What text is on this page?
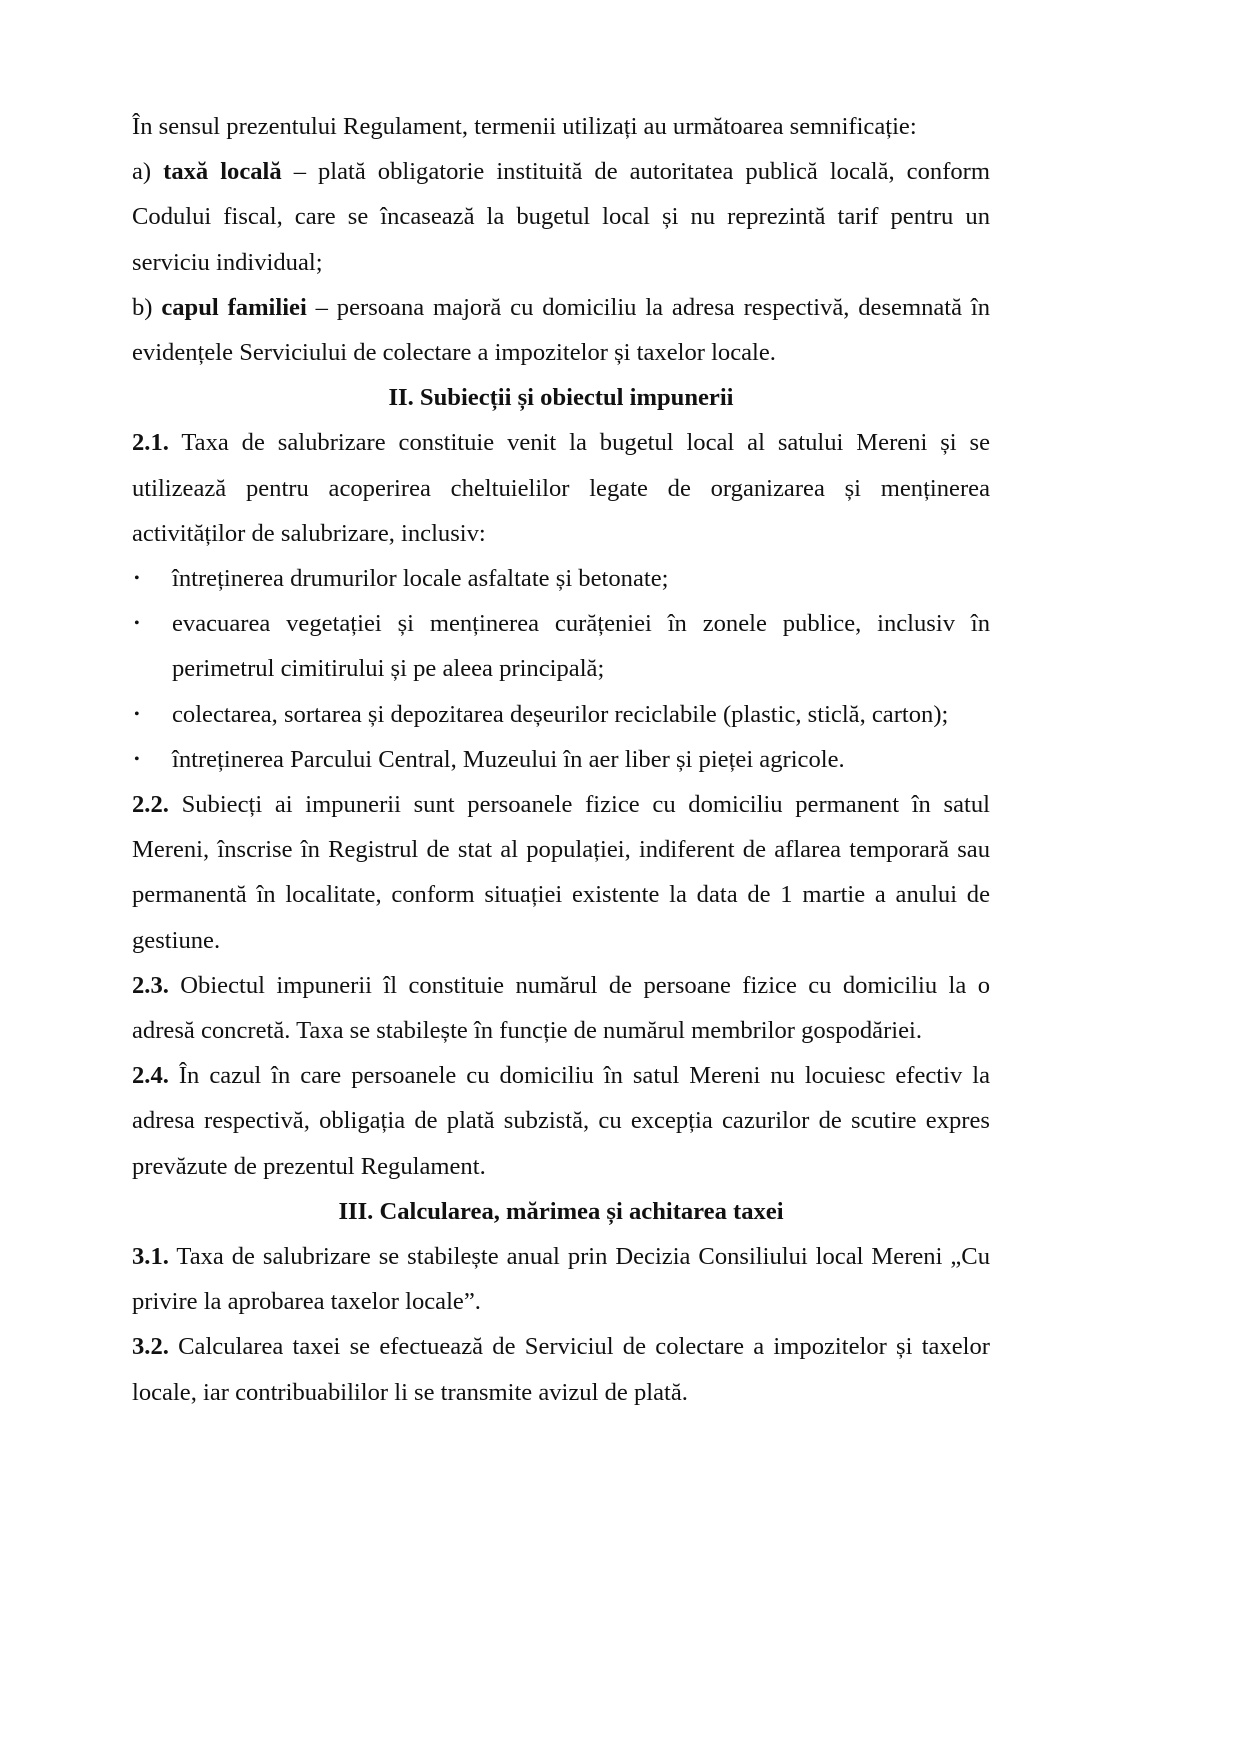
În sensul prezentului Regulament, termenii utilizați au următoarea semnificație:

a) taxă locală – plată obligatorie instituită de autoritatea publică locală, conform Codului fiscal, care se încasează la bugetul local și nu reprezintă tarif pentru un serviciu individual;

b) capul familiei – persoana majoră cu domiciliu la adresa respectivă, desemnată în evidențele Serviciului de colectare a impozitelor și taxelor locale.

II. Subiecții și obiectul impunerii

2.1. Taxa de salubrizare constituie venit la bugetul local al satului Mereni și se utilizează pentru acoperirea cheltuielilor legate de organizarea și menținerea activităților de salubrizare, inclusiv:

• întreținerea drumurilor locale asfaltate și betonate;
• evacuarea vegetației și menținerea curățeniei în zonele publice, inclusiv în perimetrul cimitirului și pe aleea principală;
• colectarea, sortarea și depozitarea deșeurilor reciclabile (plastic, sticlă, carton);
• întreținerea Parcului Central, Muzeului în aer liber și pieței agricole.

2.2. Subiecți ai impunerii sunt persoanele fizice cu domiciliu permanent în satul Mereni, înscrise în Registrul de stat al populației, indiferent de aflarea temporară sau permanentă în localitate, conform situației existente la data de 1 martie a anului de gestiune.

2.3. Obiectul impunerii îl constituie numărul de persoane fizice cu domiciliu la o adresă concretă. Taxa se stabilește în funcție de numărul membrilor gospodăriei.

2.4. În cazul în care persoanele cu domiciliu în satul Mereni nu locuiesc efectiv la adresa respectivă, obligația de plată subzistă, cu excepția cazurilor de scutire expres prevăzute de prezentul Regulament.

III. Calcularea, mărimea și achitarea taxei

3.1. Taxa de salubrizare se stabilește anual prin Decizia Consiliului local Mereni „Cu privire la aprobarea taxelor locale”.

3.2. Calcularea taxei se efectuează de Serviciul de colectare a impozitelor și taxelor locale, iar contribuabililor li se transmite avizul de plată.
